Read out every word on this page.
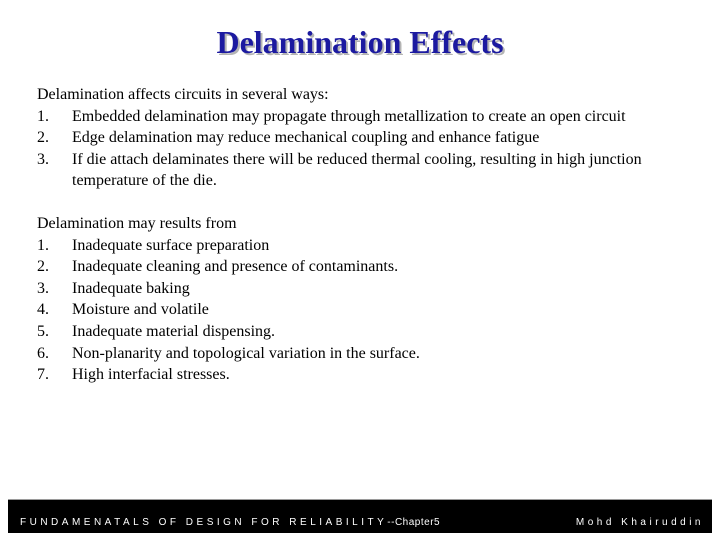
Delamination Effects

Delamination affects circuits in several ways:

1.	Embedded delamination may propagate through metallization to create an open circuit
2.	Edge delamination may reduce mechanical coupling and enhance fatigue
3.	If die attach delaminates there will be reduced thermal cooling, resulting in high junction temperature of the die.

Delamination may results from

1.	Inadequate surface preparation
2.	Inadequate cleaning and presence of contaminants.
3.	Inadequate baking
4.	Moisture and volatile
5.	Inadequate material dispensing.
6.	Non-planarity and topological variation in the surface.
7.	High interfacial stresses.
FUNDAMENATALS OF DESIGN FOR RELIABILITY--Chapter5	Mohd Khairuddin
